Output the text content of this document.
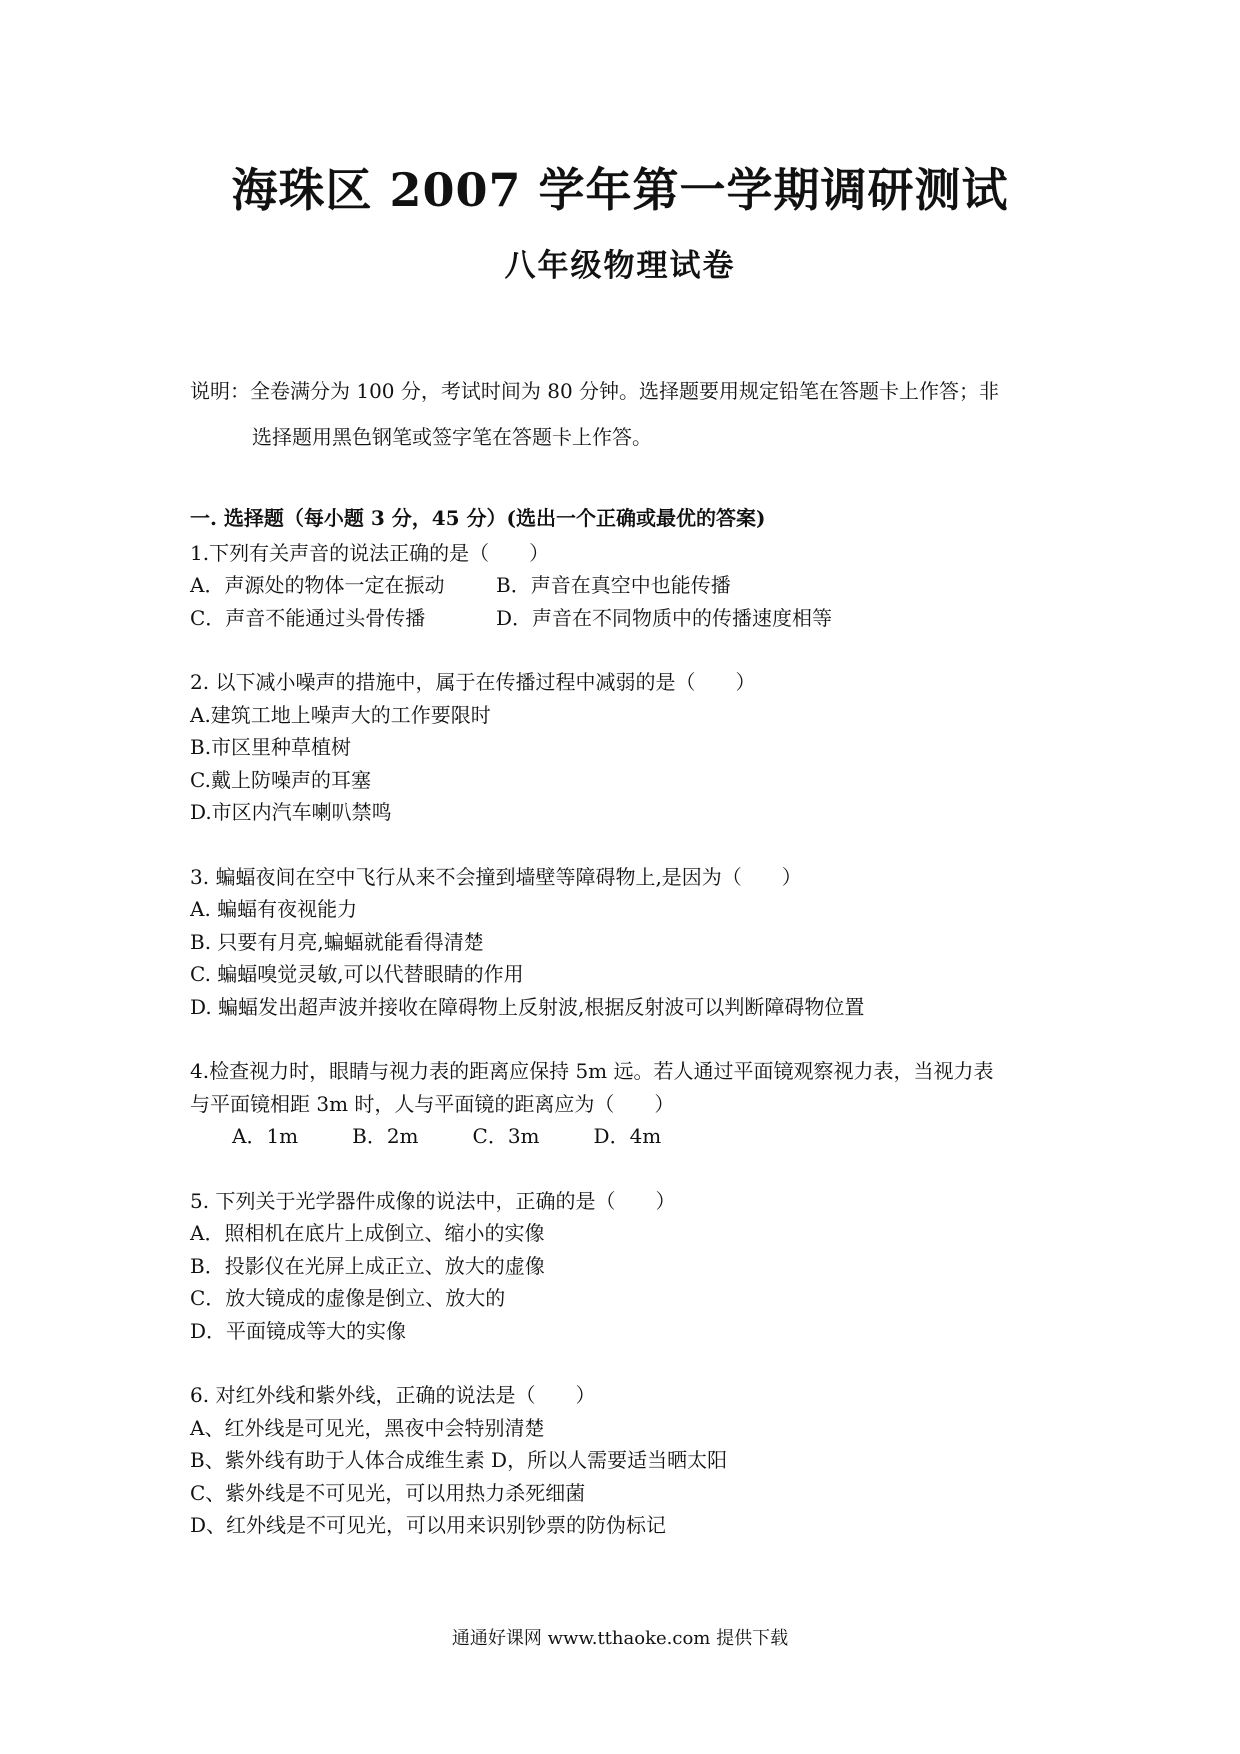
海珠区 2007 学年第一学期调研测试
八年级物理试卷
说明：全卷满分为 100 分，考试时间为 80 分钟。选择题要用规定铅笔在答题卡上作答；非
选择题用黑色钢笔或签字笔在答题卡上作答。
一. 选择题（每小题 3 分，45 分）(选出一个正确或最优的答案)
1.下列有关声音的说法正确的是（　　）
A．声源处的物体一定在振动	B．声音在真空中也能传播
C．声音不能通过头骨传播	D．声音在不同物质中的传播速度相等
2. 以下减小噪声的措施中，属于在传播过程中减弱的是（　　）
A.建筑工地上噪声大的工作要限时
B.市区里种草植树
C.戴上防噪声的耳塞
D.市区内汽车喇叭禁鸣
3. 蝙蝠夜间在空中飞行从来不会撞到墙壁等障碍物上,是因为（　　）
A. 蝙蝠有夜视能力
B. 只要有月亮,蝙蝠就能看得清楚
C. 蝙蝠嗅觉灵敏,可以代替眼睛的作用
D. 蝙蝠发出超声波并接收在障碍物上反射波,根据反射波可以判断障碍物位置
4.检查视力时，眼睛与视力表的距离应保持 5m 远。若人通过平面镜观察视力表，当视力表
与平面镜相距 3m 时，人与平面镜的距离应为（　　）
A．1m	B．2m	C．3m	D．4m
5. 下列关于光学器件成像的说法中，正确的是（　　）
A．照相机在底片上成倒立、缩小的实像
B．投影仪在光屏上成正立、放大的虚像
C．放大镜成的虚像是倒立、放大的
D．平面镜成等大的实像
6. 对红外线和紫外线，正确的说法是（　　）
A、红外线是可见光，黑夜中会特别清楚
B、紫外线有助于人体合成维生素 D，所以人需要适当晒太阳
C、紫外线是不可见光，可以用热力杀死细菌
D、红外线是不可见光，可以用来识别钞票的防伪标记
通通好课网 www.tthaoke.com 提供下载
